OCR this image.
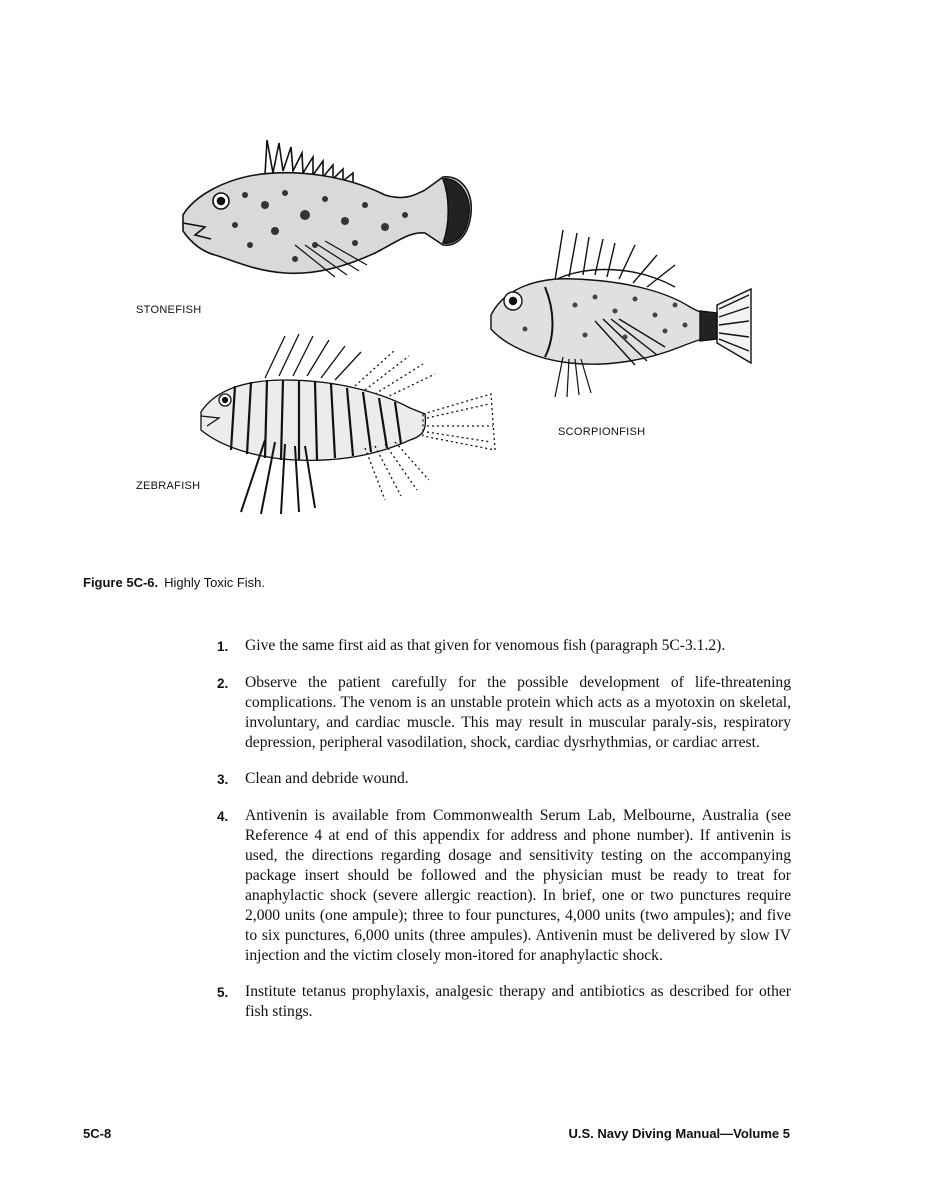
STONEFISH
SCORPIONFISH
ZEBRAFISH
Figure 5C-6. Highly Toxic Fish.
1.	Give the same first aid as that given for venomous fish (paragraph 5C-3.1.2).
2.	Observe the patient carefully for the possible development of life-threatening complications. The venom is an unstable protein which acts as a myotoxin on skeletal, involuntary, and cardiac muscle. This may result in muscular paraly-sis, respiratory depression, peripheral vasodilation, shock, cardiac dysrhythmias, or cardiac arrest.
3.	Clean and debride wound.
4.	Antivenin is available from Commonwealth Serum Lab, Melbourne, Australia (see Reference 4 at end of this appendix for address and phone number). If antivenin is used, the directions regarding dosage and sensitivity testing on the accompanying package insert should be followed and the physician must be ready to treat for anaphylactic shock (severe allergic reaction). In brief, one or two punctures require 2,000 units (one ampule); three to four punctures, 4,000 units (two ampules); and five to six punctures, 6,000 units (three ampules). Antivenin must be delivered by slow IV injection and the victim closely mon-itored for anaphylactic shock.
5.	Institute tetanus prophylaxis, analgesic therapy and antibiotics as described for other fish stings.
5C-8	U.S. Navy Diving Manual—Volume 5
